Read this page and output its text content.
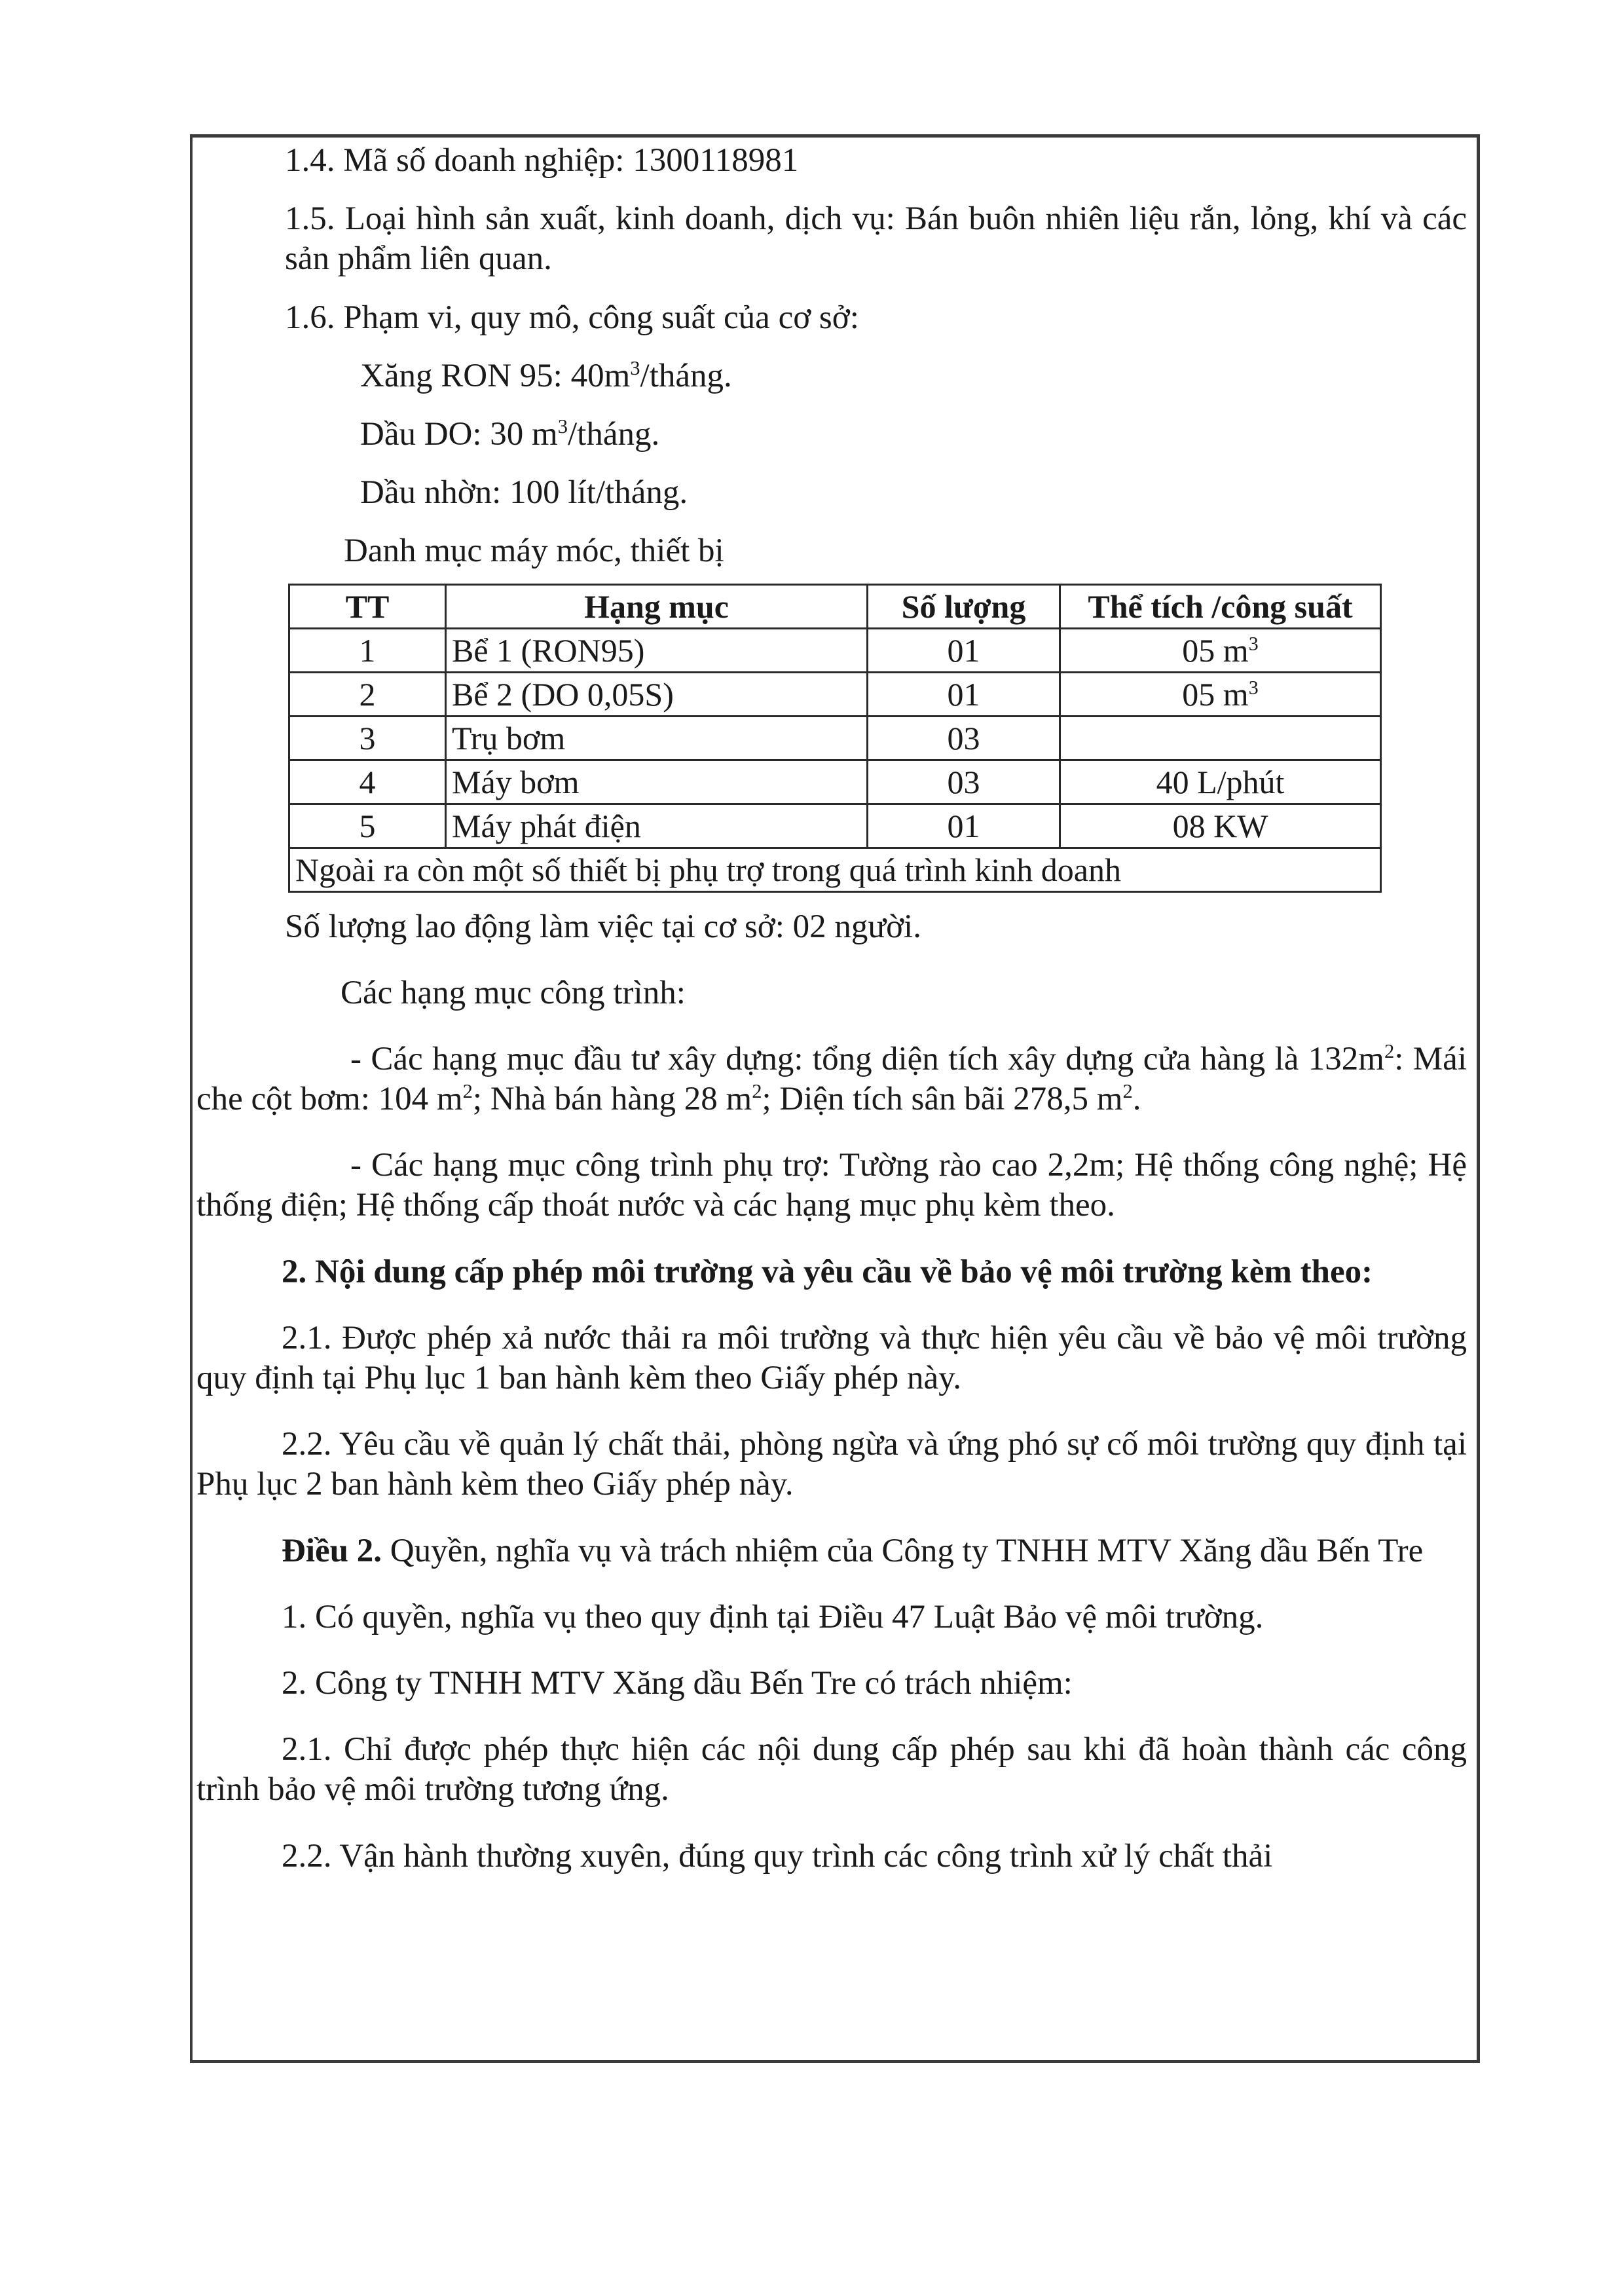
1.4. Mã số doanh nghiệp: 1300118981

1.5. Loại hình sản xuất, kinh doanh, dịch vụ: Bán buôn nhiên liệu rắn, lỏng, khí và các sản phẩm liên quan.

1.6. Phạm vi, quy mô, công suất của cơ sở:

Xăng RON 95: $40m^3$/tháng.

Dầu DO: 30 $m^3$/tháng.

Dầu nhờn: 100 lít/tháng.

Danh mục máy móc, thiết bị

TT	Hạng mục	Số lượng	Thể tích /công suất
1	Bể 1 (RON95)	01	05 $m^3$
2	Bể 2 (DO 0,05S)	01	05 $m^3$
3	Trụ bơm	03	
4	Máy bơm	03	40 L/phút
5	Máy phát điện	01	08 KW
Ngoài ra còn một số thiết bị phụ trợ trong quá trình kinh doanh			

Số lượng lao động làm việc tại cơ sở: 02 người.

Các hạng mục công trình:

- Các hạng mục đầu tư xây dựng: tổng diện tích xây dựng cửa hàng là $132m^2$: Mái che cột bơm: 104 $m^2$; Nhà bán hàng 28 $m^2$; Diện tích sân bãi 278,5 $m^2$.

- Các hạng mục công trình phụ trợ: Tường rào cao 2,2m; Hệ thống công nghệ; Hệ thống điện; Hệ thống cấp thoát nước và các hạng mục phụ kèm theo.

2. Nội dung cấp phép môi trường và yêu cầu về bảo vệ môi trường kèm theo:

2.1. Được phép xả nước thải ra môi trường và thực hiện yêu cầu về bảo vệ môi trường quy định tại Phụ lục 1 ban hành kèm theo Giấy phép này.

2.2. Yêu cầu về quản lý chất thải, phòng ngừa và ứng phó sự cố môi trường quy định tại Phụ lục 2 ban hành kèm theo Giấy phép này.

Điều 2. Quyền, nghĩa vụ và trách nhiệm của Công ty TNHH MTV Xăng dầu Bến Tre

1. Có quyền, nghĩa vụ theo quy định tại Điều 47 Luật Bảo vệ môi trường.

2. Công ty TNHH MTV Xăng dầu Bến Tre có trách nhiệm:

2.1. Chỉ được phép thực hiện các nội dung cấp phép sau khi đã hoàn thành các công trình bảo vệ môi trường tương ứng.

2.2. Vận hành thường xuyên, đúng quy trình các công trình xử lý chất thải
